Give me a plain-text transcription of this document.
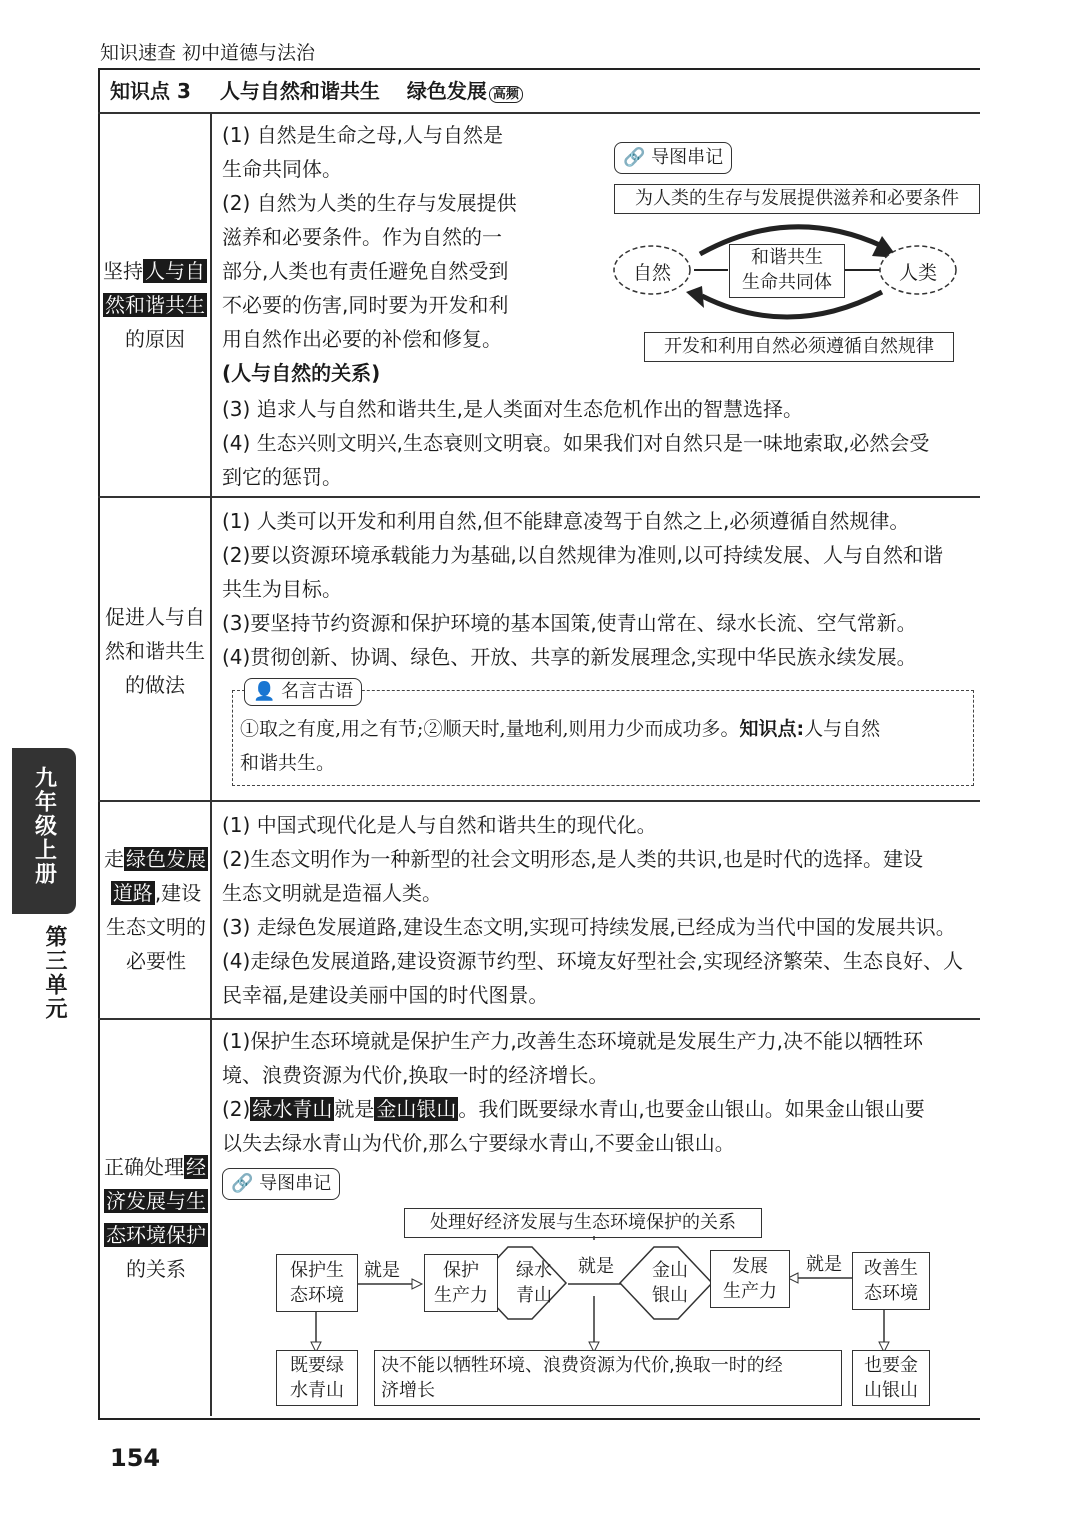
知识速查 初中道德与法治
九年级上册
第三单元
知识点 3 人与自然和谐共生 绿色发展 高频
坚持 人与自
然和谐共生
的原因
(1) 自然是生命之母,人与自然是
生命共同体。
(2) 自然为人类的生存与发展提供
滋养和必要条件。作为自然的一
部分,人类也有责任避免自然受到
不必要的伤害,同时要为开发和利
用自然作出必要的补偿和修复。
(人与自然的关系)
(3) 追求人与自然和谐共生,是人类面对生态危机作出的智慧选择。
(4) 生态兴则文明兴,生态衰则文明衰。如果我们对自然只是一味地索取,必然会受
到它的惩罚。
🔗 导图串记
为人类的生存与发展提供滋养和必要条件
自然	人类
和谐共生
生命共同体
开发和利用自然必须遵循自然规律
促进人与自
然和谐共生
的做法
(1) 人类可以开发和利用自然,但不能肆意凌驾于自然之上,必须遵循自然规律。
(2)要以资源环境承载能力为基础,以自然规律为准则,以可持续发展、人与自然和谐
共生为目标。
(3)要坚持节约资源和保护环境的基本国策,使青山常在、绿水长流、空气常新。
(4)贯彻创新、协调、绿色、开放、共享的新发展理念,实现中华民族永续发展。
👤 名言古语
①取之有度,用之有节;②顺天时,量地利,则用力少而成功多。知识点:人与自然
和谐共生。
走 绿色发展
道路 ,建设
生态文明的
必要性
(1) 中国式现代化是人与自然和谐共生的现代化。
(2)生态文明作为一种新型的社会文明形态,是人类的共识,也是时代的选择。建设
生态文明就是造福人类。
(3) 走绿色发展道路,建设生态文明,实现可持续发展,已经成为当代中国的发展共识。
(4)走绿色发展道路,建设资源节约型、环境友好型社会,实现经济繁荣、生态良好、人
民幸福,是建设美丽中国的时代图景。
正确处理 经
济发展与生
态环境保护
的关系
(1)保护生态环境就是保护生产力,改善生态环境就是发展生产力,决不能以牺牲环
境、浪费资源为代价,换取一时的经济增长。
(2) 绿水青山 就是 金山银山 。我们既要绿水青山,也要金山银山。如果金山银山要
以失去绿水青山为代价,那么宁要绿水青山,不要金山银山。
🔗 导图串记
处理好经济发展与生态环境保护的关系
保护生
态环境
就是	保护
生产力
绿水
青山
就是	金山
银山
发展
生产力
就是	改善生
态环境
既要绿
水青山
决不能以牺牲环境、浪费资源为代价,换取一时的经
济增长
也要金
山银山
154
